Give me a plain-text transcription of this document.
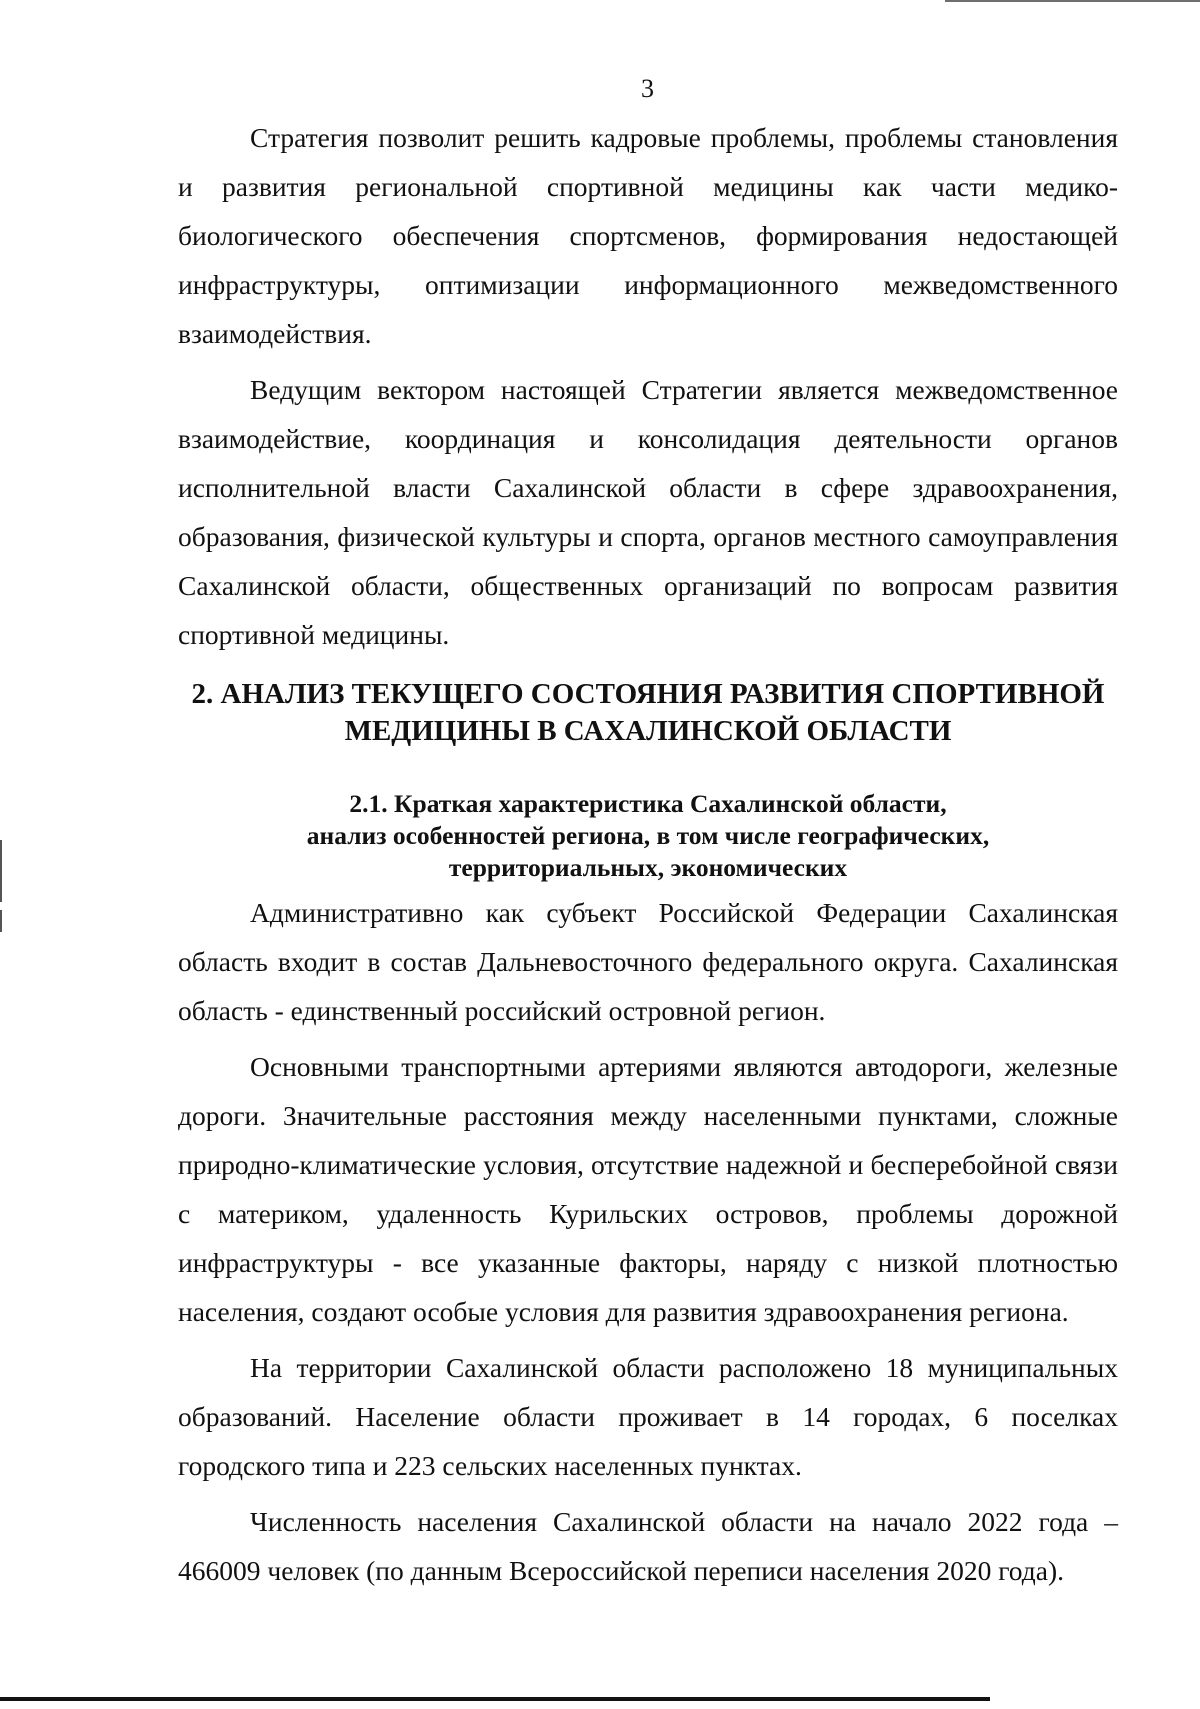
3

Стратегия позволит решить кадровые проблемы, проблемы становления и развития региональной спортивной медицины как части медико-биологического обеспечения спортсменов, формирования недостающей инфраструктуры, оптимизации информационного межведомственного взаимодействия.

Ведущим вектором настоящей Стратегии является межведомственное взаимодействие, координация и консолидация деятельности органов исполнительной власти Сахалинской области в сфере здравоохранения, образования, физической культуры и спорта, органов местного самоуправления Сахалинской области, общественных организаций по вопросам развития спортивной медицины.

2. АНАЛИЗ ТЕКУЩЕГО СОСТОЯНИЯ РАЗВИТИЯ СПОРТИВНОЙ
МЕДИЦИНЫ В САХАЛИНСКОЙ ОБЛАСТИ
2.1. Краткая характеристика Сахалинской области,
анализ особенностей региона, в том числе географических,
территориальных, экономических

Административно как субъект Российской Федерации Сахалинская область входит в состав Дальневосточного федерального округа. Сахалинская область - единственный российский островной регион.

Основными транспортными артериями являются автодороги, железные дороги. Значительные расстояния между населенными пунктами, сложные природно-климатические условия, отсутствие надежной и бесперебойной связи с материком, удаленность Курильских островов, проблемы дорожной инфраструктуры - все указанные факторы, наряду с низкой плотностью населения, создают особые условия для развития здравоохранения региона.

На территории Сахалинской области расположено 18 муниципальных образований. Население области проживает в 14 городах, 6 поселках городского типа и 223 сельских населенных пунктах.

Численность населения Сахалинской области на начало 2022 года – 466009 человек (по данным Всероссийской переписи населения 2020 года).
